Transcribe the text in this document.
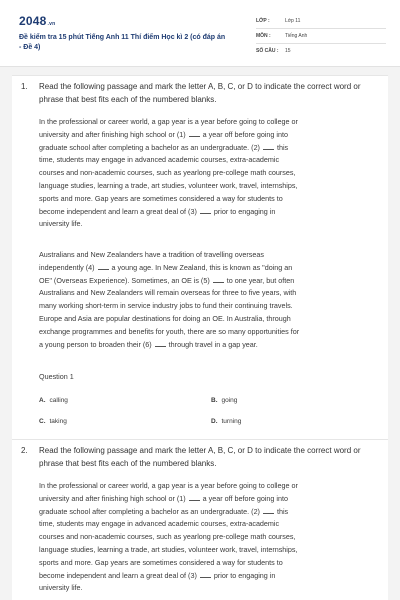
2048.vn
Đề kiểm tra 15 phút Tiếng Anh 11 Thí điểm Học kì 2 (có đáp án - Đề 4)
LỚP :	Lớp 11
MÔN :	Tiếng Anh
SỐ CÂU : 15
1. Read the following passage and mark the letter A, B, C, or D to indicate the correct word or phrase that best fits each of the numbered blanks.
In the professional or career world, a gap year is a year before going to college or
university and after finishing high school or (1)  a year off before going into
graduate school after completing a bachelor as an undergraduate. (2)  this
time, students may engage in advanced academic courses, extra-academic
courses and non-academic courses, such as yearlong pre-college math courses,
language studies, learning a trade, art studies, volunteer work, travel, internships,
sports and more. Gap years are sometimes considered a way for students to
become independent and learn a great deal of (3)  prior to engaging in
university life.
Australians and New Zealanders have a tradition of travelling overseas
independently (4)  a young age. In New Zealand, this is known as "doing an
OE" (Overseas Experience). Sometimes, an OE is (5)  to one year, but often
Australians and New Zealanders will remain overseas for three to five years, with
many working short-term in service industry jobs to fund their continuing travels.
Europe and Asia are popular destinations for doing an OE. In Australia, through
exchange programmes and benefits for youth, there are so many opportunities for
a young person to broaden their (6)  through travel in a gap year.
Question 1
A. calling	B. going
C. taking	D. turning
2. Read the following passage and mark the letter A, B, C, or D to indicate the correct word or phrase that best fits each of the numbered blanks.
In the professional or career world, a gap year is a year before going to college or
university and after finishing high school or (1)  a year off before going into
graduate school after completing a bachelor as an undergraduate. (2)  this
time, students may engage in advanced academic courses, extra-academic
courses and non-academic courses, such as yearlong pre-college math courses,
language studies, learning a trade, art studies, volunteer work, travel, internships,
sports and more. Gap years are sometimes considered a way for students to
become independent and learn a great deal of (3)  prior to engaging in
university life.
